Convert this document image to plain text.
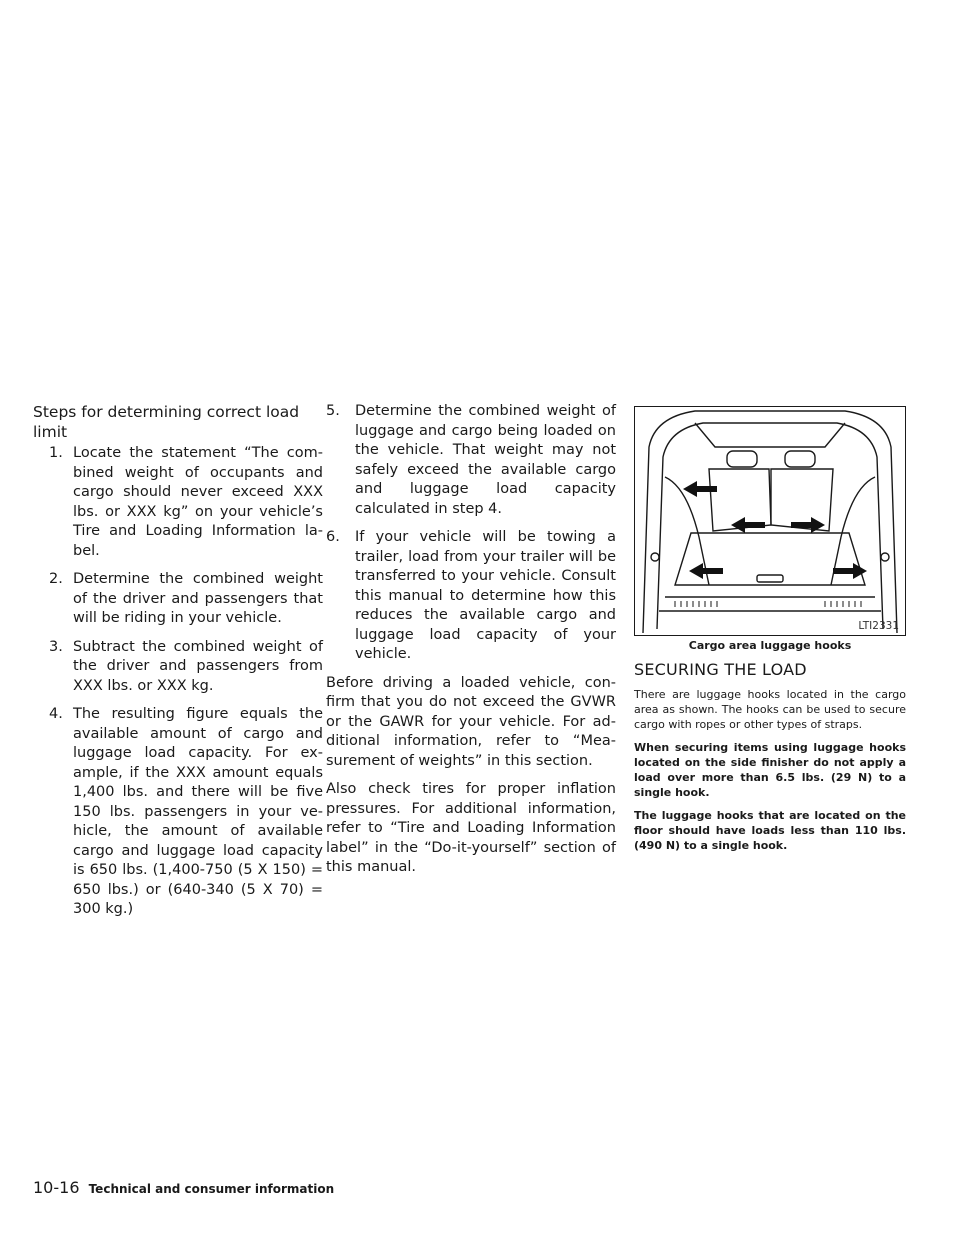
Steps for determining correct load limit
1. Locate the statement “The com-bined weight of occupants and cargo should never exceed XXX lbs. or XXX kg” on your vehicle’s Tire and Loading Information la-bel.
2. Determine the combined weight of the driver and passengers that will be riding in your vehicle.
3. Subtract the combined weight of the driver and passengers from XXX lbs. or XXX kg.
4. The resulting figure equals the available amount of cargo and luggage load capacity. For ex-ample, if the XXX amount equals 1,400 lbs. and there will be five 150 lbs. passengers in your ve-hicle, the amount of available cargo and luggage load capacity is 650 lbs. (1,400-750 (5 X 150) = 650 lbs.) or (640-340 (5 X 70) = 300 kg.)
5. Determine the combined weight of luggage and cargo being loaded on the vehicle. That weight may not safely exceed the available cargo and luggage load capacity calculated in step 4.
6. If your vehicle will be towing a trailer, load from your trailer will be transferred to your vehicle. Consult this manual to determine how this reduces the available cargo and luggage load capacity of your vehicle.

Before driving a loaded vehicle, con-firm that you do not exceed the GVWR or the GAWR for your vehicle. For ad-ditional information, refer to “Mea-surement of weights” in this section.

Also check tires for proper inflation pressures. For additional information, refer to “Tire and Loading Information label” in the “Do-it-yourself” section of this manual.

LTI2331
Cargo area luggage hooks
SECURING THE LOAD

There are luggage hooks located in the cargo area as shown. The hooks can be used to secure cargo with ropes or other types of straps.

When securing items using luggage hooks located on the side finisher do not apply a load over more than 6.5 lbs. (29 N) to a single hook.

The luggage hooks that are located on the floor should have loads less than 110 lbs. (490 N) to a single hook.

10-16 Technical and consumer information
